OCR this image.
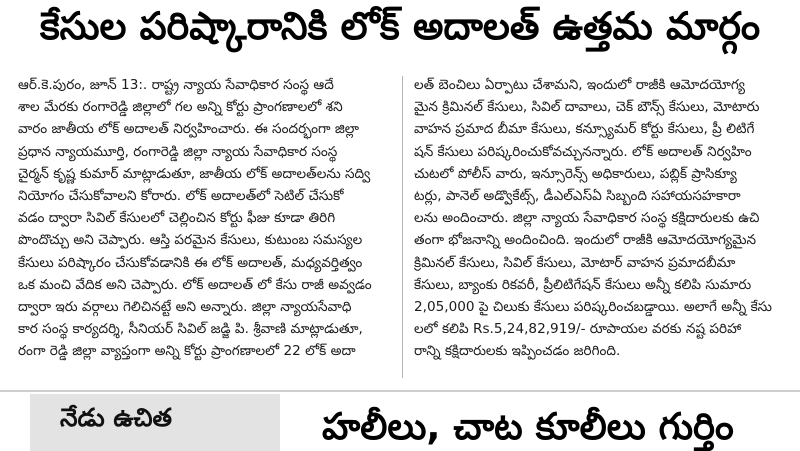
కేసుల పరిష్కారానికి లోక్ అదాలత్ ఉత్తమ మార్గం
ఆర్.కె.పురం, జూన్ 13:. రాష్ట్ర న్యాయ సేవాధికార సంస్థ ఆదే
శాల మేరకు రంగారెడ్డి జిల్లాలో గల అన్ని కోర్టు ప్రాంగణాలలో శని
వారం జాతీయ లోక్ అదాలత్ నిర్వహించారు. ఈ సందర్భంగా జిల్లా
ప్రధాన న్యాయమూర్తి, రంగారెడ్డి జిల్లా న్యాయ సేవాధికార సంస్థ
చైర్మన్ కృష్ణ కుమార్ మాట్లాడుతూ, జాతీయ లోక్ అదాలత్‌లను సద్వి
నియోగం చేసుకోవాలని కోరారు. లోక్ అదాలత్‌లో సెటిల్ చేసుకో
వడం ద్వారా సివిల్ కేసులలో చెల్లించిన కోర్టు ఫీజు కూడా తిరిగి
పొందొచ్చు అని చెప్పారు. ఆస్తి పరమైన కేసులు, కుటుంబ సమస్యల
కేసులు పరిష్కారం చేసుకోవడానికి ఈ లోక్ అదాలత్, మధ్యవర్తిత్వం
ఒక మంచి వేదిక అని చెప్పారు. లోక్ అదాలత్ లో కేసు రాజీ అవ్వడం
ద్వారా ఇరు వర్గాలు గెలిచినట్టే అని అన్నారు. జిల్లా న్యాయసేవాధి
కార సంస్థ కార్యదర్శి, సీనియర్ సివిల్ జడ్జి పి. శ్రీవాణి మాట్లాడుతూ,
రంగా రెడ్డి జిల్లా వ్యాప్తంగా అన్ని కోర్టు ప్రాంగణాలలో 22 లోక్ అదా
లత్ బెంచిలు ఏర్పాటు చేశామని, ఇందులో రాజీకి ఆమోదయోగ్య
మైన క్రిమినల్ కేసులు, సివిల్ దావాలు, చెక్ బౌన్స్ కేసులు, మోటారు
వాహన ప్రమాద బీమా కేసులు, కన్స్యూమర్ కోర్టు కేసులు, ప్రీ లిటిగే
షన్ కేసులు పరిష్కరించుకోవచ్చునన్నారు. లోక్ అదాలత్ నిర్వహిం
చుటలో పోలీస్ వారు, ఇన్సూరెన్స్ అధికారులు, పబ్లిక్ ప్రాసిక్యూ
టర్లు, పానెల్ అడ్వొకేట్స్, డీఎల్ఎస్ఏ సిబ్బంది సహాయసహకారా
లను అందించారు. జిల్లా న్యాయ సేవాధికార సంస్థ కక్షిదారులకు ఉచి
తంగా భోజనాన్ని అందించింది. ఇందులో రాజీకి ఆమోదయోగ్యమైన
క్రిమినల్ కేసులు, సివిల్ కేసులు, మోటార్ వాహన ప్రమాదబీమా
కేసులు, బ్యాంకు రికవరీ, ప్రీలిటిగేషన్ కేసులు అన్నీ కలిపి సుమారు
2,05,000 పై చిలుకు కేసులు పరిష్కరించబడ్డాయి. అలాగే అన్నీ కేసు
లలో కలిపి Rs.5,24,82,919/- రూపాయల వరకు నష్ట పరిహా
రాన్ని కక్షిదారులకు ఇప్పించడం జరిగింది.
నేడు ఉచిత	హలీలు, చాట కూలీలు గుర్తిం
